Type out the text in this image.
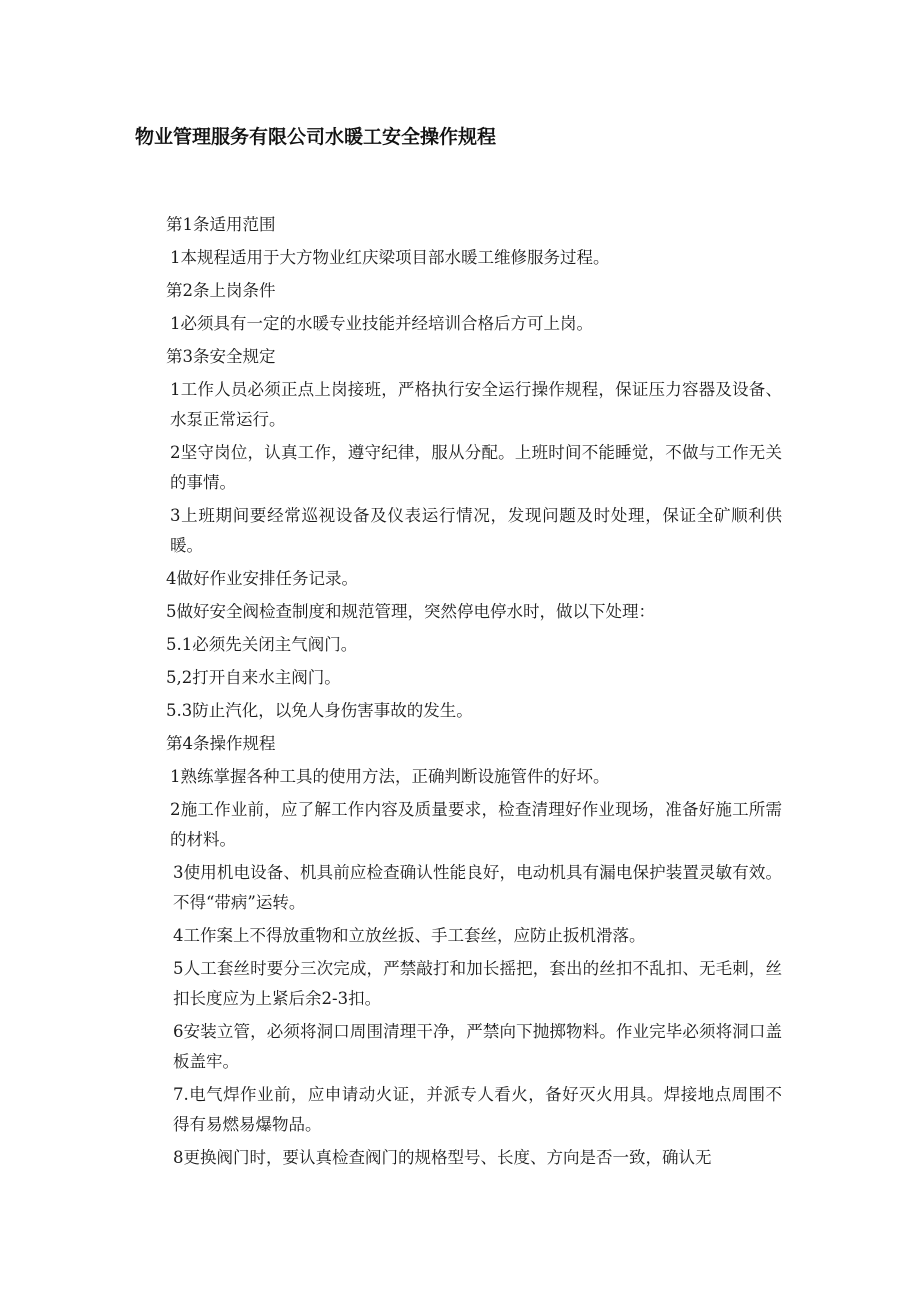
物业管理服务有限公司水暖工安全操作规程

第1条适用范围

1本规程适用于大方物业红庆梁项目部水暖工维修服务过程。

第2条上岗条件

1必须具有一定的水暖专业技能并经培训合格后方可上岗。

第3条安全规定

1工作人员必须正点上岗接班，严格执行安全运行操作规程，保证压力容器及设备、水泵正常运行。

2坚守岗位，认真工作，遵守纪律，服从分配。上班时间不能睡觉，不做与工作无关的事情。

3上班期间要经常巡视设备及仪表运行情况，发现问题及时处理，保证全矿顺利供暖。

4做好作业安排任务记录。

5做好安全阀检查制度和规范管理，突然停电停水时，做以下处理：

5.1必须先关闭主气阀门。

5,2打开自来水主阀门。

5.3防止汽化，以免人身伤害事故的发生。

第4条操作规程

1熟练掌握各种工具的使用方法，正确判断设施管件的好坏。

2施工作业前，应了解工作内容及质量要求，检查清理好作业现场，准备好施工所需的材料。

3使用机电设备、机具前应检查确认性能良好，电动机具有漏电保护装置灵敏有效。不得“带病”运转。

4工作案上不得放重物和立放丝扳、手工套丝，应防止扳机滑落。

5人工套丝时要分三次完成，严禁敲打和加长摇把，套出的丝扣不乱扣、无毛刺，丝扣长度应为上紧后余2-3扣。

6安装立管，必须将洞口周围清理干净，严禁向下抛掷物料。作业完毕必须将洞口盖板盖牢。

7.电气焊作业前，应申请动火证，并派专人看火，备好灭火用具。焊接地点周围不得有易燃易爆物品。

8更换阀门时，要认真检查阀门的规格型号、长度、方向是否一致，确认无
